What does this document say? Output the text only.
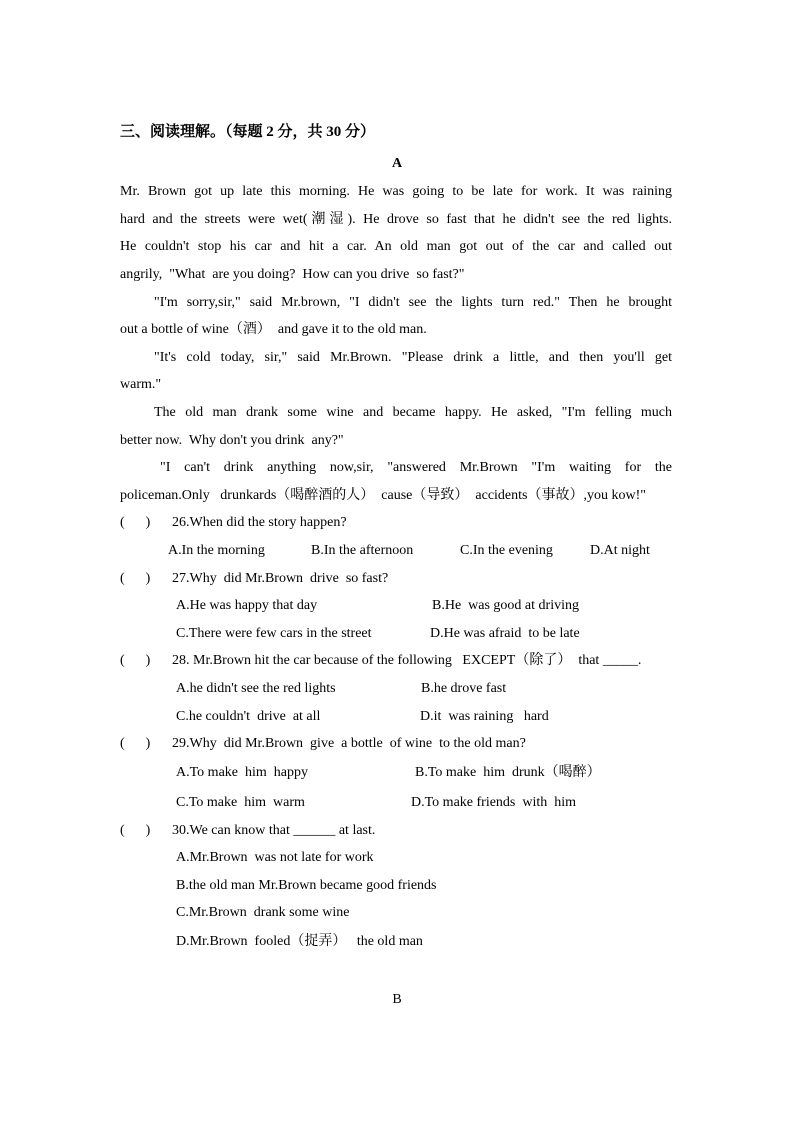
三、阅读理解。（每题 2 分，共 30 分）
A
Mr. Brown got up late this morning. He was going to be late for work. It was raining
hard and the streets were wet(潮湿). He drove so fast that he didn't see the red lights.
He couldn't stop his car and hit a car. An old man got out of the car and called out
angrily,  "What  are you doing?  How can you drive  so fast?"
"I'm sorry,sir," said Mr.brown, "I didn't see the lights turn red." Then he brought
out a bottle of wine（酒）  and gave it to the old man.
"It's cold today, sir," said Mr.Brown. "Please drink a little, and then you'll get
warm."
The old man drank some wine and became happy. He asked, "I'm felling much
better now.  Why don't you drink  any?"
"I can't drink anything now,sir, "answered Mr.Brown "I'm waiting for the
policeman.Only   drunkards（喝醉酒的人）  cause（导致）  accidents（事故）,you kow!"
(      ) 26.When did the story happen?
A.In the morning	B.In the afternoon	C.In the evening	D.At night
(      ) 27.Why  did Mr.Brown  drive  so fast?
A.He was happy that day	B.He  was good at driving
C.There were few cars in the street	D.He was afraid  to be late
(      ) 28. Mr.Brown hit the car because of the following   EXCEPT（除了）  that _____.
A.he didn't see the red lights	B.he drove fast
C.he couldn't  drive  at all	D.it  was raining   hard
(      ) 29.Why  did Mr.Brown  give  a bottle  of wine  to the old man?
A.To make  him  happy	B.To make  him  drunk（喝醉）
C.To make  him  warm	D.To make friends  with  him
(      ) 30.We can know that ______ at last.
A.Mr.Brown  was not late for work
B.the old man Mr.Brown became good friends
C.Mr.Brown  drank some wine
D.Mr.Brown  fooled（捉弄）   the old man
B
